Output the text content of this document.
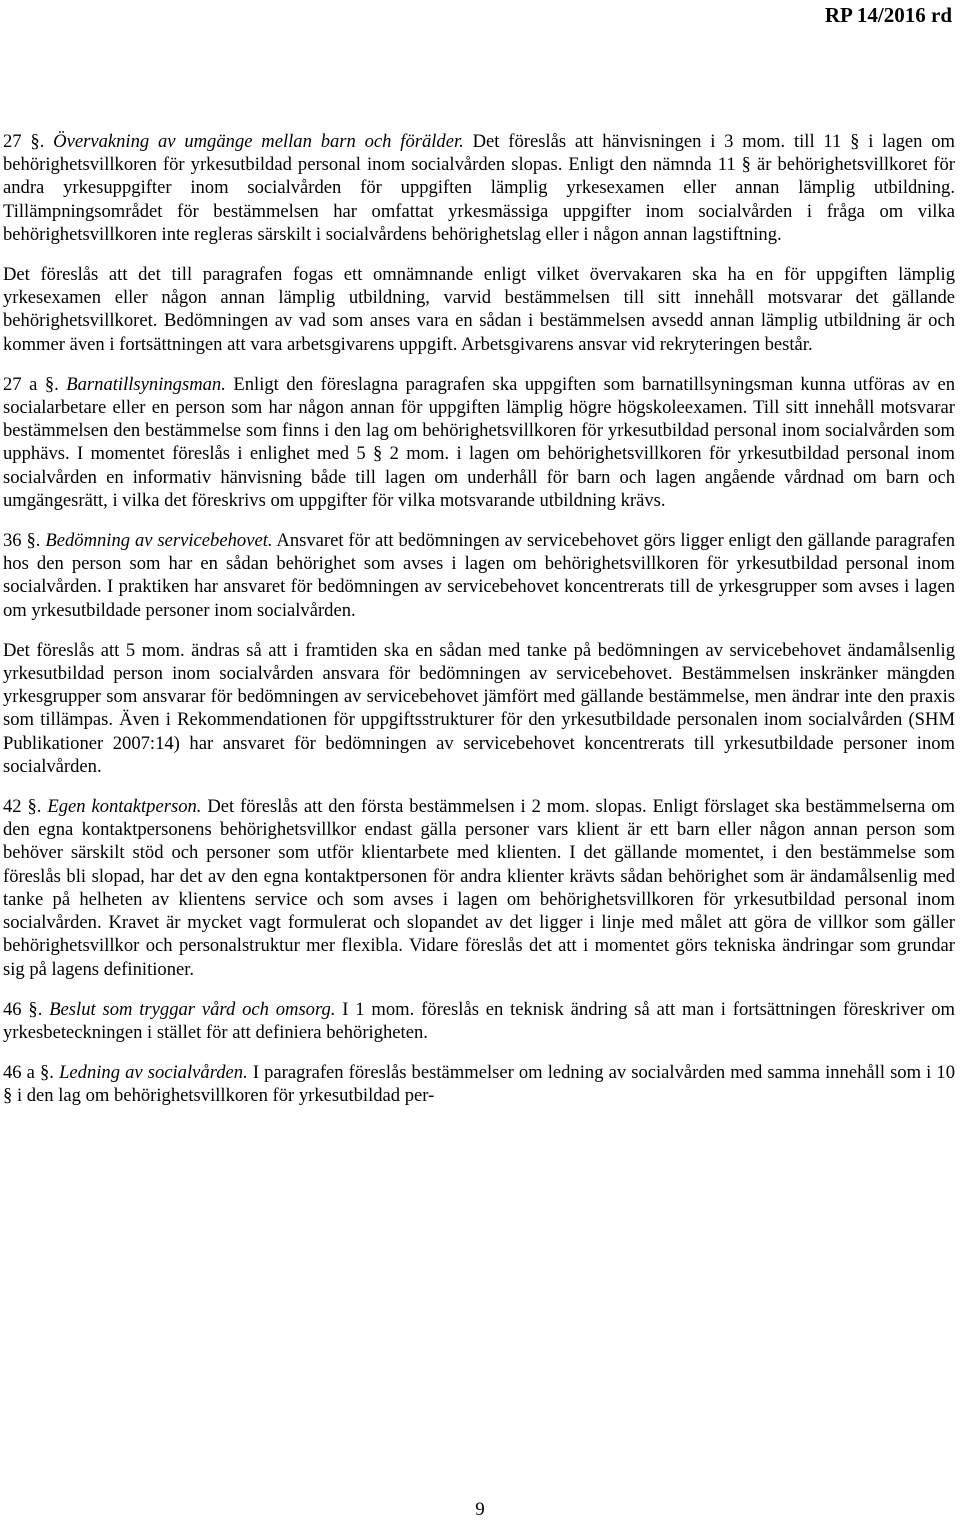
RP 14/2016 rd

27 §. Övervakning av umgänge mellan barn och förälder. Det föreslås att hänvisningen i 3 mom. till 11 § i lagen om behörighetsvillkoren för yrkesutbildad personal inom socialvården slopas. Enligt den nämnda 11 § är behörighetsvillkoret för andra yrkesuppgifter inom socialvården för uppgiften lämplig yrkesexamen eller annan lämplig utbildning. Tillämpningsområdet för bestämmelsen har omfattat yrkesmässiga uppgifter inom socialvården i fråga om vilka behörighetsvillkoren inte regleras särskilt i socialvårdens behörighetslag eller i någon annan lagstiftning.

Det föreslås att det till paragrafen fogas ett omnämnande enligt vilket övervakaren ska ha en för uppgiften lämplig yrkesexamen eller någon annan lämplig utbildning, varvid bestämmelsen till sitt innehåll motsvarar det gällande behörighetsvillkoret. Bedömningen av vad som anses vara en sådan i bestämmelsen avsedd annan lämplig utbildning är och kommer även i fortsättningen att vara arbetsgivarens uppgift. Arbetsgivarens ansvar vid rekryteringen består.

27 a §. Barnatillsyningsman. Enligt den föreslagna paragrafen ska uppgiften som barnatillsyningsman kunna utföras av en socialarbetare eller en person som har någon annan för uppgiften lämplig högre högskoleexamen. Till sitt innehåll motsvarar bestämmelsen den bestämmelse som finns i den lag om behörighetsvillkoren för yrkesutbildad personal inom socialvården som upphävs. I momentet föreslås i enlighet med 5 § 2 mom. i lagen om behörighetsvillkoren för yrkesutbildad personal inom socialvården en informativ hänvisning både till lagen om underhåll för barn och lagen angående vårdnad om barn och umgängesrätt, i vilka det föreskrivs om uppgifter för vilka motsvarande utbildning krävs.

36 §. Bedömning av servicebehovet. Ansvaret för att bedömningen av servicebehovet görs ligger enligt den gällande paragrafen hos den person som har en sådan behörighet som avses i lagen om behörighetsvillkoren för yrkesutbildad personal inom socialvården. I praktiken har ansvaret för bedömningen av servicebehovet koncentrerats till de yrkesgrupper som avses i lagen om yrkesutbildade personer inom socialvården.

Det föreslås att 5 mom. ändras så att i framtiden ska en sådan med tanke på bedömningen av servicebehovet ändamålsenlig yrkesutbildad person inom socialvården ansvara för bedömningen av servicebehovet. Bestämmelsen inskränker mängden yrkesgrupper som ansvarar för bedömningen av servicebehovet jämfört med gällande bestämmelse, men ändrar inte den praxis som tillämpas. Även i Rekommendationen för uppgiftsstrukturer för den yrkesutbildade personalen inom socialvården (SHM Publikationer 2007:14) har ansvaret för bedömningen av servicebehovet koncentrerats till yrkesutbildade personer inom socialvården.

42 §. Egen kontaktperson. Det föreslås att den första bestämmelsen i 2 mom. slopas. Enligt förslaget ska bestämmelserna om den egna kontaktpersonens behörighetsvillkor endast gälla personer vars klient är ett barn eller någon annan person som behöver särskilt stöd och personer som utför klientarbete med klienten. I det gällande momentet, i den bestämmelse som föreslås bli slopad, har det av den egna kontaktpersonen för andra klienter krävts sådan behörighet som är ändamålsenlig med tanke på helheten av klientens service och som avses i lagen om behörighetsvillkoren för yrkesutbildad personal inom socialvården. Kravet är mycket vagt formulerat och slopandet av det ligger i linje med målet att göra de villkor som gäller behörighetsvillkor och personalstruktur mer flexibla. Vidare föreslås det att i momentet görs tekniska ändringar som grundar sig på lagens definitioner.

46 §. Beslut som tryggar vård och omsorg. I 1 mom. föreslås en teknisk ändring så att man i fortsättningen föreskriver om yrkesbeteckningen i stället för att definiera behörigheten.

46 a §. Ledning av socialvården. I paragrafen föreslås bestämmelser om ledning av socialvården med samma innehåll som i 10 § i den lag om behörighetsvillkoren för yrkesutbildad per-

9
